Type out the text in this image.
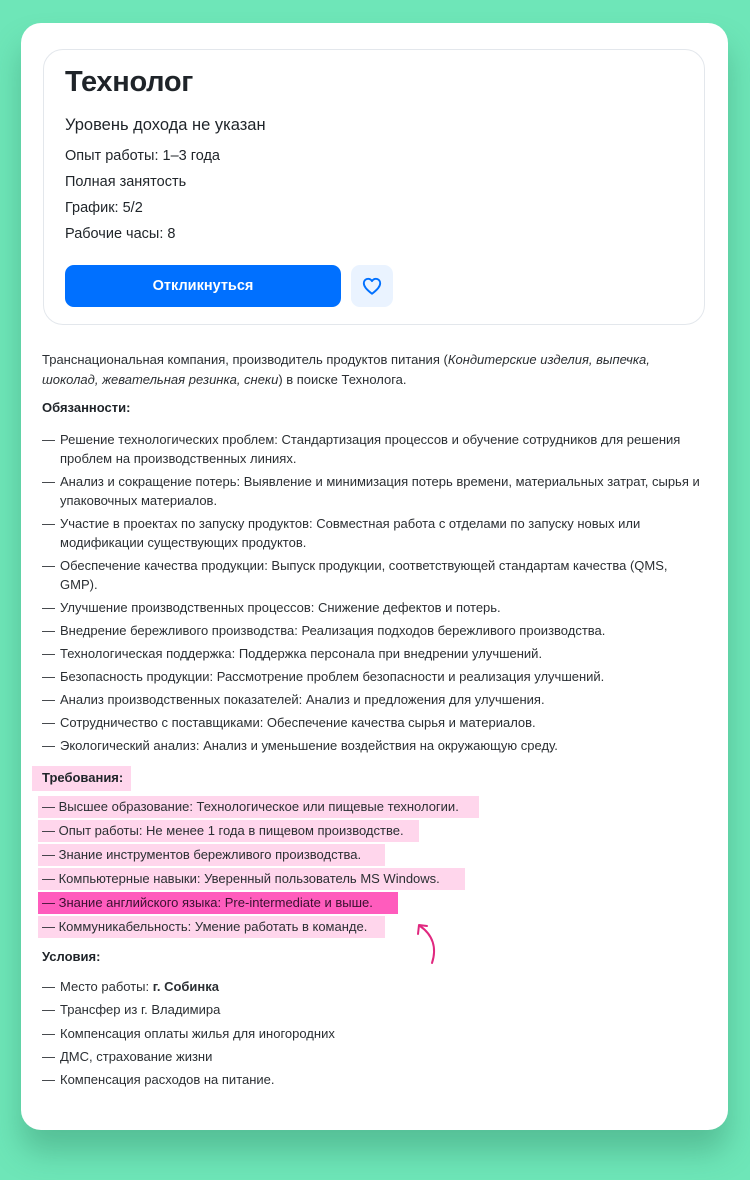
Технолог
Уровень дохода не указан
Опыт работы: 1–3 года
Полная занятость
График: 5/2
Рабочие часы: 8
Откликнуться
Транснациональная компания, производитель продуктов питания (Кондитерские изделия, выпечка, шоколад, жевательная резинка, снеки) в поиске Технолога.
Обязанности:
— Решение технологических проблем: Стандартизация процессов и обучение сотрудников для решения проблем на производственных линиях.
— Анализ и сокращение потерь: Выявление и минимизация потерь времени, материальных затрат, сырья и упаковочных материалов.
— Участие в проектах по запуску продуктов: Совместная работа с отделами по запуску новых или модификации существующих продуктов.
— Обеспечение качества продукции: Выпуск продукции, соответствующей стандартам качества (QMS, GMP).
— Улучшение производственных процессов: Снижение дефектов и потерь.
— Внедрение бережливого производства: Реализация подходов бережливого производства.
— Технологическая поддержка: Поддержка персонала при внедрении улучшений.
— Безопасность продукции: Рассмотрение проблем безопасности и реализация улучшений.
— Анализ производственных показателей: Анализ и предложения для улучшения.
— Сотрудничество с поставщиками: Обеспечение качества сырья и материалов.
— Экологический анализ: Анализ и уменьшение воздействия на окружающую среду.
Требования:
— Высшее образование: Технологическое или пищевые технологии.
— Опыт работы: Не менее 1 года в пищевом производстве.
— Знание инструментов бережливого производства.
— Компьютерные навыки: Уверенный пользователь MS Windows.
— Знание английского языка: Pre-intermediate и выше.
— Коммуникабельность: Умение работать в команде.
Условия:
— Место работы: г. Собинка
— Трансфер из г. Владимира
— Компенсация оплаты жилья для иногородних
— ДМС, страхование жизни
— Компенсация расходов на питание.
